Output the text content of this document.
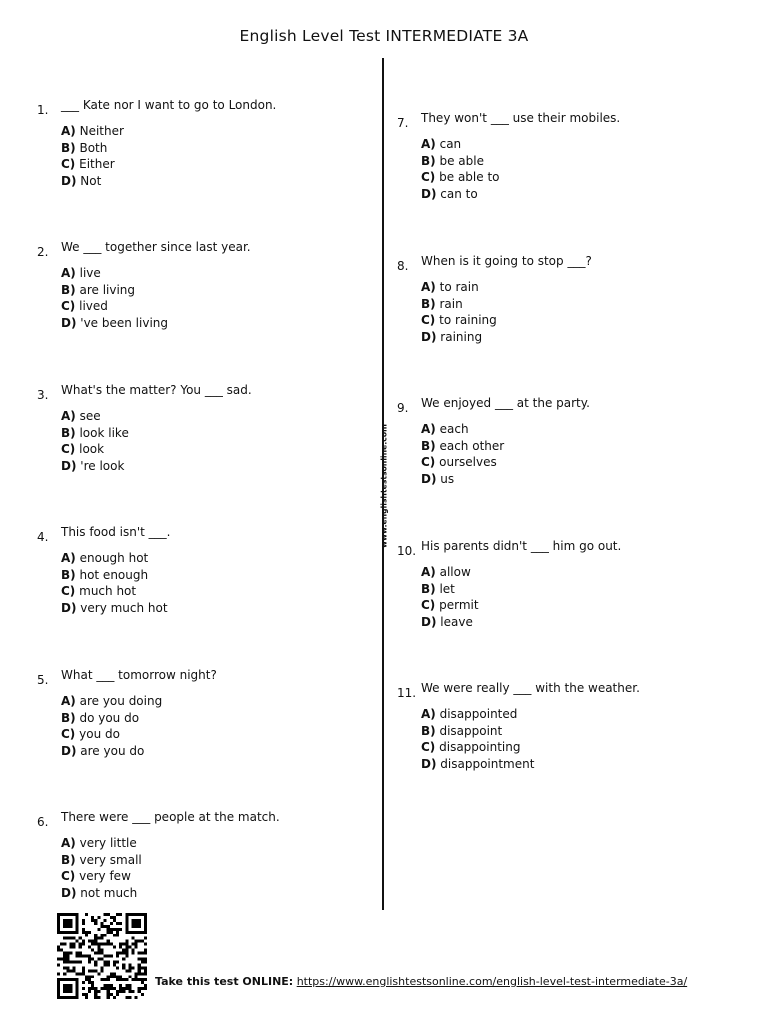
English Level Test INTERMEDIATE 3A
www.englishtestsonline.com
1. ___ Kate nor I want to go to London.
A) Neither
B) Both
C) Either
D) Not
2. We ___ together since last year.
A) live
B) are living
C) lived
D) 've been living
3. What's the matter? You ___ sad.
A) see
B) look like
C) look
D) 're look
4. This food isn't ___.
A) enough hot
B) hot enough
C) much hot
D) very much hot
5. What ___ tomorrow night?
A) are you doing
B) do you do
C) you do
D) are you do
6. There were ___ people at the match.
A) very little
B) very small
C) very few
D) not much
7. They won't ___ use their mobiles.
A) can
B) be able
C) be able to
D) can to
8. When is it going to stop ___?
A) to rain
B) rain
C) to raining
D) raining
9. We enjoyed ___ at the party.
A) each
B) each other
C) ourselves
D) us
10. His parents didn't ___ him go out.
A) allow
B) let
C) permit
D) leave
11. We were really ___ with the weather.
A) disappointed
B) disappoint
C) disappointing
D) disappointment
Take this test ONLINE: https://www.englishtestsonline.com/english-level-test-intermediate-3a/
